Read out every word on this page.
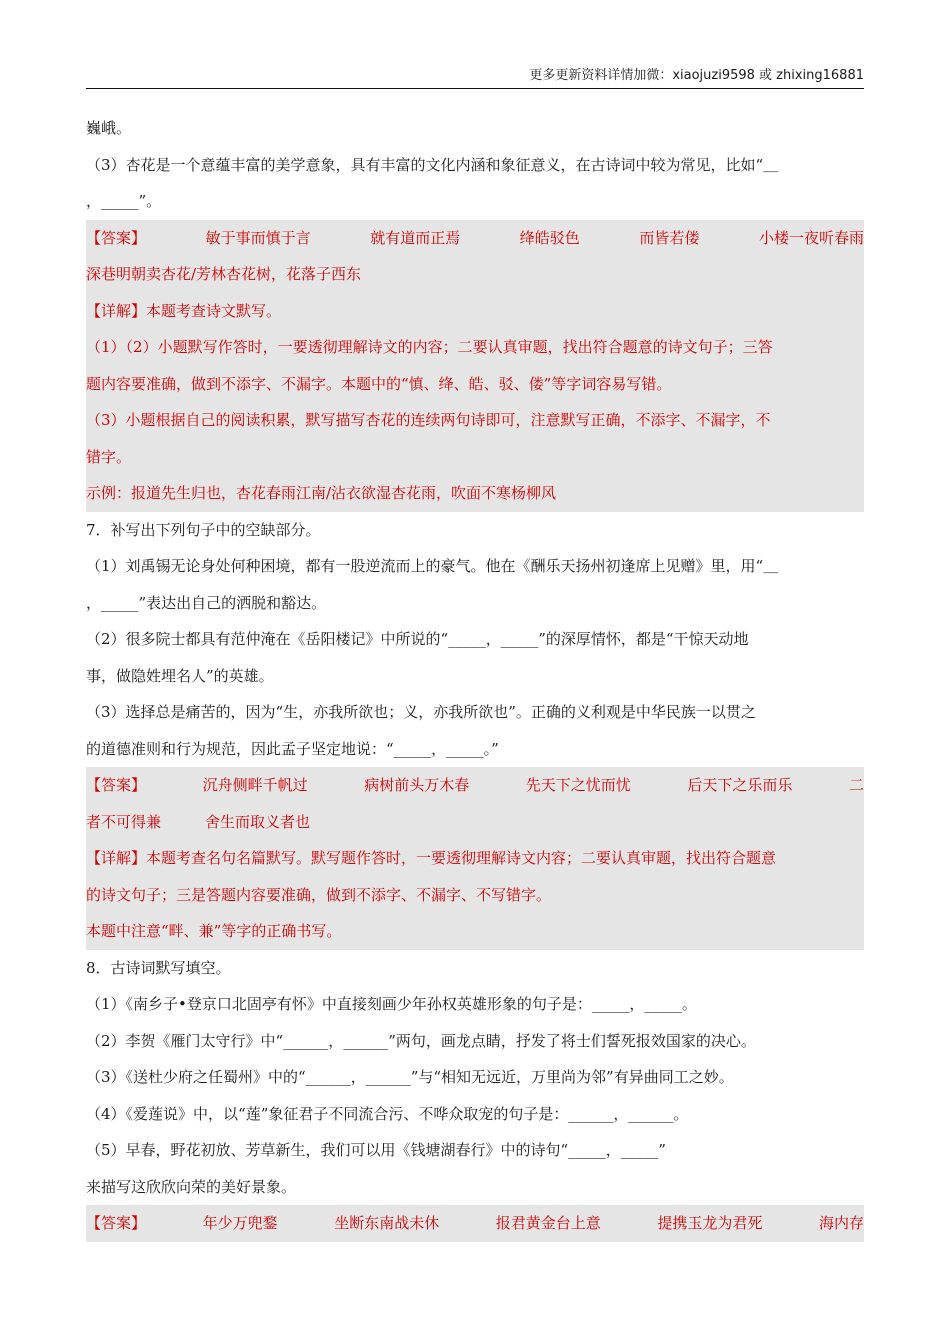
更多更新资料详情加微：xiaojuzi9598 或 zhixing16881
巍峨。
（3）杏花是一个意蕴丰富的美学意象，具有丰富的文化内涵和象征意义，在古诗词中较为常见，比如“＿
，_____”。
【答案】	敏于事而慎于言	就有道而正焉	绛皓驳色	而皆若偻	小楼一夜听春雨
深巷明朝卖杏花/芳林杏花树，花落子西东
【详解】本题考查诗文默写。
（1）（2）小题默写作答时，一要透彻理解诗文的内容；二要认真审题，找出符合题意的诗文句子；三答
题内容要准确，做到不添字、不漏字。本题中的“慎、绛、皓、驳、偻”等字词容易写错。
（3）小题根据自己的阅读积累，默写描写杏花的连续两句诗即可，注意默写正确，不添字、不漏字，不
错字。
示例：报道先生归也，杏花春雨江南/沾衣欲湿杏花雨，吹面不寒杨柳风
7．补写出下列句子中的空缺部分。
（1）刘禹锡无论身处何种困境，都有一股逆流而上的豪气。他在《酬乐天扬州初逢席上见赠》里，用“＿
，_____”表达出自己的洒脱和豁达。
（2）很多院士都具有范仲淹在《岳阳楼记》中所说的“_____，_____”的深厚情怀，都是“干惊天动地
事，做隐姓埋名人”的英雄。
（3）选择总是痛苦的，因为“生，亦我所欲也；义，亦我所欲也”。正确的义利观是中华民族一以贯之
的道德准则和行为规范，因此孟子坚定地说：“_____，_____。”
【答案】	沉舟侧畔千帆过	病树前头万木春	先天下之忧而忧	后天下之乐而乐	二
者不可得兼	舍生而取义者也
【详解】本题考查名句名篇默写。默写题作答时，一要透彻理解诗文内容；二要认真审题，找出符合题意
的诗文句子；三是答题内容要准确，做到不添字、不漏字、不写错字。
本题中注意“畔、兼”等字的正确书写。
8．古诗词默写填空。
（1）《南乡子•登京口北固亭有怀》中直接刻画少年孙权英雄形象的句子是：_____，_____。
（2）李贺《雁门太守行》中“______，______”两句，画龙点睛，抒发了将士们誓死报效国家的决心。
（3）《送杜少府之任蜀州》中的“______，______”与“相知无远近，万里尚为邻”有异曲同工之妙。
（4）《爱莲说》中，以“莲”象征君子不同流合污、不哗众取宠的句子是：______，______。
（5）早春，野花初放、芳草新生，我们可以用《钱塘湖春行》中的诗句“_____，_____”
来描写这欣欣向荣的美好景象。
【答案】	年少万兜鍪	坐断东南战未休	报君黄金台上意	提携玉龙为君死	海内存
